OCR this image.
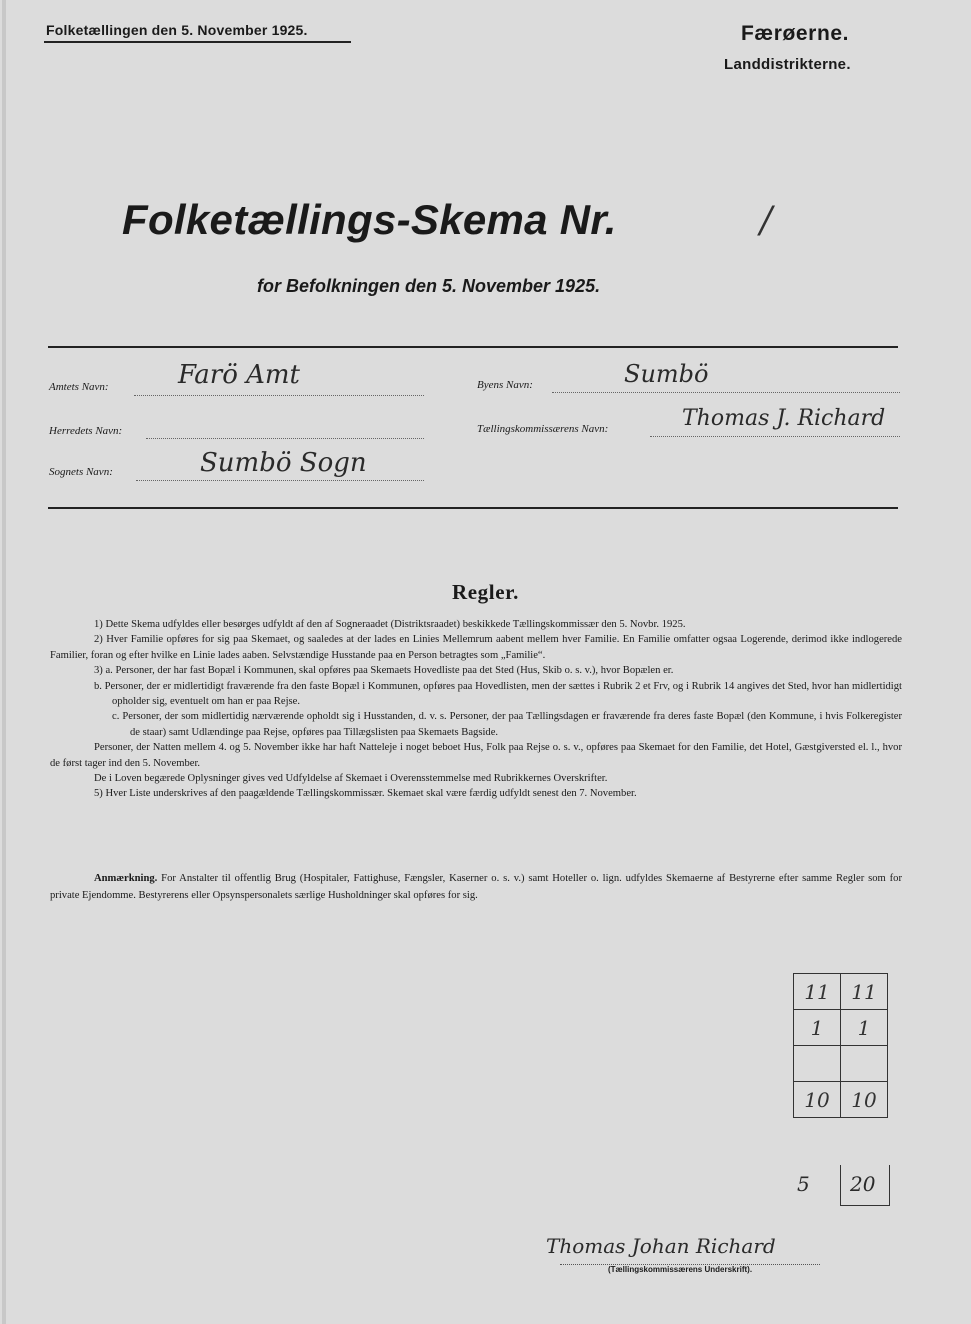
Folketællingen den 5. November 1925.	Færøerne.
Landdistrikterne.
Folketællings-Skema Nr.	/
for Befolkningen den 5. November 1925.
Amtets Navn:	Farö Amt
Herredets Navn:
Sognets Navn:	Sumbö Sogn
Byens Navn:	Sumbö
Tællingskommissærens Navn:	Thomas J. Richard
Regler.

1) Dette Skema udfyldes eller besørges udfyldt af den af Sogneraadet (Distriktsraadet) beskikkede Tællingskommissær den 5. Novbr. 1925.

2) Hver Familie opføres for sig paa Skemaet, og saaledes at der lades en Linies Mellemrum aabent mellem hver Familie. En Familie omfatter ogsaa Logerende, derimod ikke indlogerede Familier, foran og efter hvilke en Linie lades aaben. Selvstændige Husstande paa en Person betragtes som „Familie“.

3) a. Personer, der har fast Bopæl i Kommunen, skal opføres paa Skemaets Hovedliste paa det Sted (Hus, Skib o. s. v.), hvor Bopælen er.

b. Personer, der er midlertidigt fraværende fra den faste Bopæl i Kommunen, opføres paa Hovedlisten, men der sættes i Rubrik 2 et Frv, og i Rubrik 14 angives det Sted, hvor han midlertidigt opholder sig, eventuelt om han er paa Rejse.

c. Personer, der som midlertidig nærværende opholdt sig i Husstanden, d. v. s. Personer, der paa Tællingsdagen er fraværende fra deres faste Bopæl (den Kommune, i hvis Folkeregister de staar) samt Udlændinge paa Rejse, opføres paa Tillægslisten paa Skemaets Bagside.

Personer, der Natten mellem 4. og 5. November ikke har haft Natteleje i noget beboet Hus, Folk paa Rejse o. s. v., opføres paa Skemaet for den Familie, det Hotel, Gæstgiversted el. l., hvor de først tager ind den 5. November.

De i Loven begærede Oplysninger gives ved Udfyldelse af Skemaet i Overensstemmelse med Rubrikkernes Overskrifter.

5) Hver Liste underskrives af den paagældende Tællingskommissær. Skemaet skal være færdig udfyldt senest den 7. November.

Anmærkning. For Anstalter til offentlig Brug (Hospitaler, Fattighuse, Fængsler, Kaserner o. s. v.) samt Hoteller o. lign. udfyldes Skemaerne af Bestyrerne efter samme Regler som for private Ejendomme. Bestyrerens eller Opsynspersonalets særlige Husholdninger skal opføres for sig.

11	11
1	1

10	10
5 20
Thomas Johan Richard
(Tællingskommissærens Underskrift).
